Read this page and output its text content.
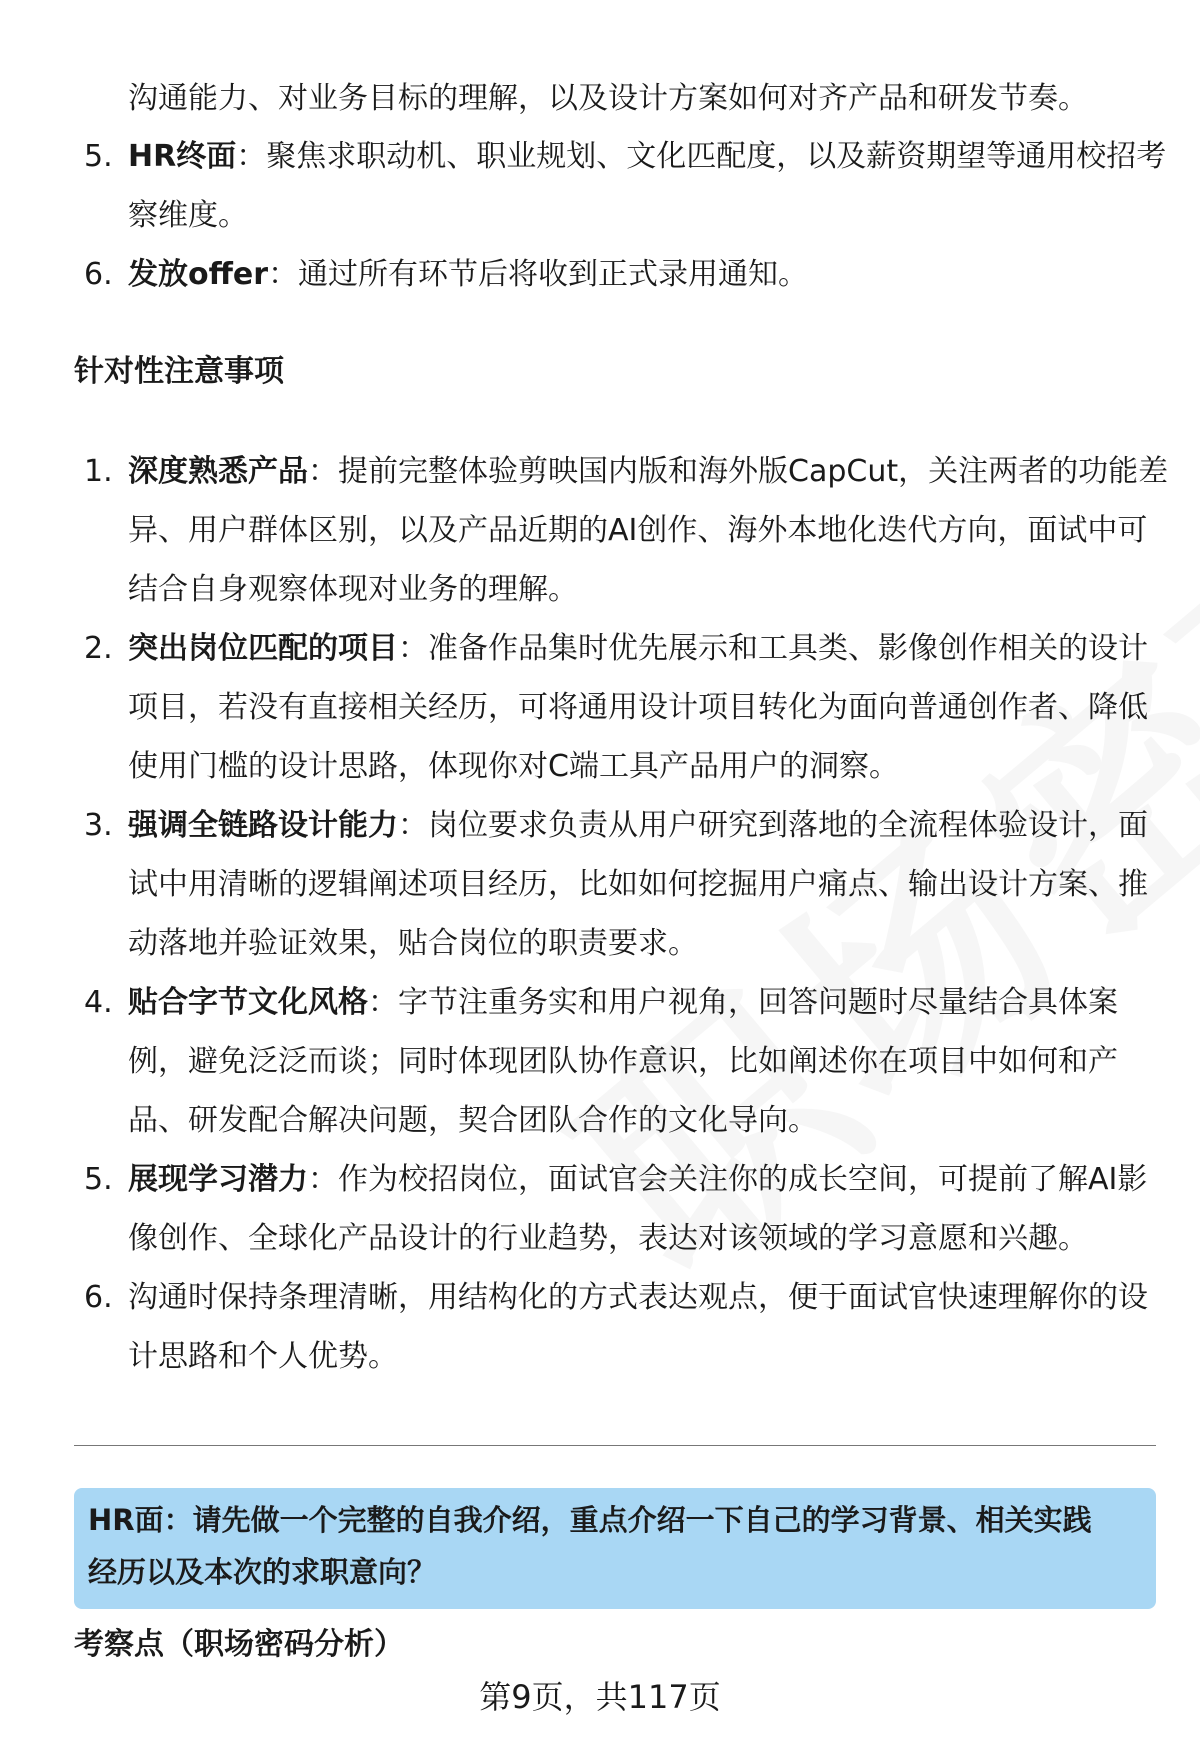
沟通能力、对业务目标的理解，以及设计方案如何对齐产品和研发节奏。
5. HR终面：聚焦求职动机、职业规划、文化匹配度，以及薪资期望等通用校招考
察维度。
6. 发放offer：通过所有环节后将收到正式录用通知。
针对性注意事项
1. 深度熟悉产品：提前完整体验剪映国内版和海外版CapCut，关注两者的功能差
异、用户群体区别，以及产品近期的AI创作、海外本地化迭代方向，面试中可
结合自身观察体现对业务的理解。
2. 突出岗位匹配的项目：准备作品集时优先展示和工具类、影像创作相关的设计
项目，若没有直接相关经历，可将通用设计项目转化为面向普通创作者、降低
使用门槛的设计思路，体现你对C端工具产品用户的洞察。
3. 强调全链路设计能力：岗位要求负责从用户研究到落地的全流程体验设计，面
试中用清晰的逻辑阐述项目经历，比如如何挖掘用户痛点、输出设计方案、推
动落地并验证效果，贴合岗位的职责要求。
4. 贴合字节文化风格：字节注重务实和用户视角，回答问题时尽量结合具体案
例，避免泛泛而谈；同时体现团队协作意识，比如阐述你在项目中如何和产
品、研发配合解决问题，契合团队合作的文化导向。
5. 展现学习潜力：作为校招岗位，面试官会关注你的成长空间，可提前了解AI影
像创作、全球化产品设计的行业趋势，表达对该领域的学习意愿和兴趣。
6. 沟通时保持条理清晰，用结构化的方式表达观点，便于面试官快速理解你的设
计思路和个人优势。
HR面：请先做一个完整的自我介绍，重点介绍一下自己的学习背景、相关实践
经历以及本次的求职意向？
考察点（职场密码分析）
第9页，共117页
